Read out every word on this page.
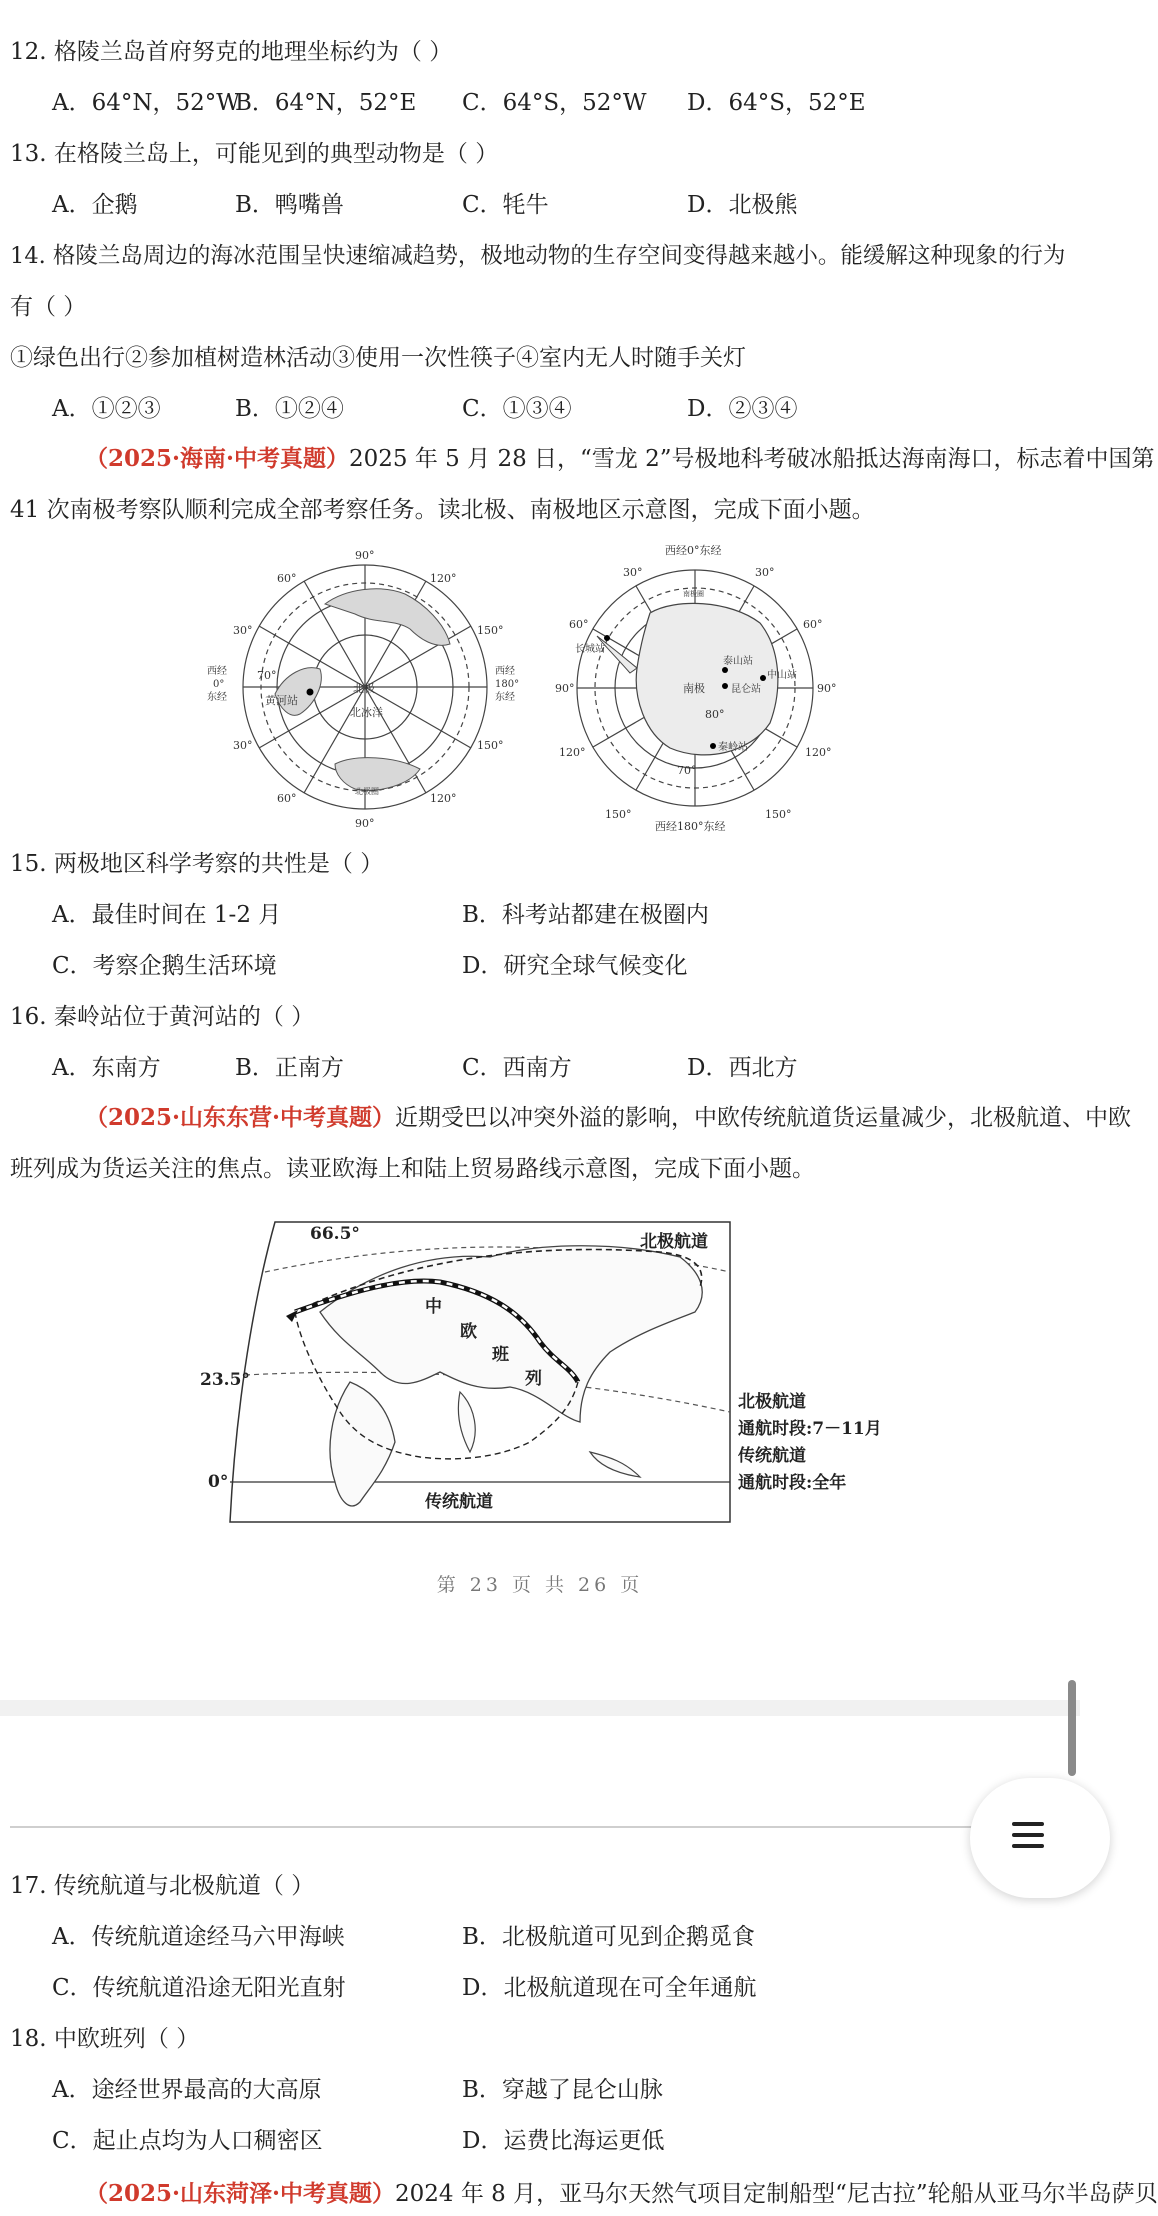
12. 格陵兰岛首府努克的地理坐标约为（ ）
A．64°N，52°W
B．64°N，52°E C．64°S，52°W D．64°S，52°E
13. 在格陵兰岛上，可能见到的典型动物是（ ）
A．企鹅	B．鸭嘴兽	C．牦牛	D．北极熊
14. 格陵兰岛周边的海冰范围呈快速缩减趋势，极地动物的生存空间变得越来越小。能缓解这种现象的行为
有（ ）
①绿色出行②参加植树造林活动③使用一次性筷子④室内无人时随手关灯
A．①②③	B．①②④	C．①③④	D．②③④
（2025·海南·中考真题）2025 年 5 月 28 日，“雪龙 2”号极地科考破冰船抵达海南海口，标志着中国第
41 次南极考察队顺利完成全部考察任务。读北极、南极地区示意图，完成下面小题。
90°
90°
60°	120°
30°	150°
30°	150°
60°	120°
西经
0°
东经
西经
180°
东经
70°
黄河站
北极
北冰洋
北极圈
西经0°东经
西经180°东经
30°	30°
60°	60°
90°	90°
120°	120°
150°	150°
长城站
泰山站
中山站
昆仑站
秦岭站
南极
80°
70°
南极圈
15. 两极地区科学考察的共性是（ ）
A．最佳时间在 1-2 月	B．科考站都建在极圈内
C．考察企鹅生活环境	D．研究全球气候变化
16. 秦岭站位于黄河站的（ ）
A．东南方	B．正南方	C．西南方	D．西北方
（2025·山东东营·中考真题）近期受巴以冲突外溢的影响，中欧传统航道货运量减少，北极航道、中欧
班列成为货运关注的焦点。读亚欧海上和陆上贸易路线示意图，完成下面小题。
66.5°
23.5°
0°
北极航道
中
欧
班
列
传统航道
北极航道
通航时段:7－11月
传统航道
通航时段:全年
第 23 页 共 26 页
17. 传统航道与北极航道（ ）
A．传统航道途经马六甲海峡	B．北极航道可见到企鹅觅食
C．传统航道沿途无阳光直射	D．北极航道现在可全年通航
18. 中欧班列（ ）
A．途经世界最高的大高原	B．穿越了昆仑山脉
C．起止点均为人口稠密区	D．运费比海运更低
（2025·山东菏泽·中考真题）2024 年 8 月，亚马尔天然气项目定制船型“尼古拉”轮船从亚马尔半岛萨贝
